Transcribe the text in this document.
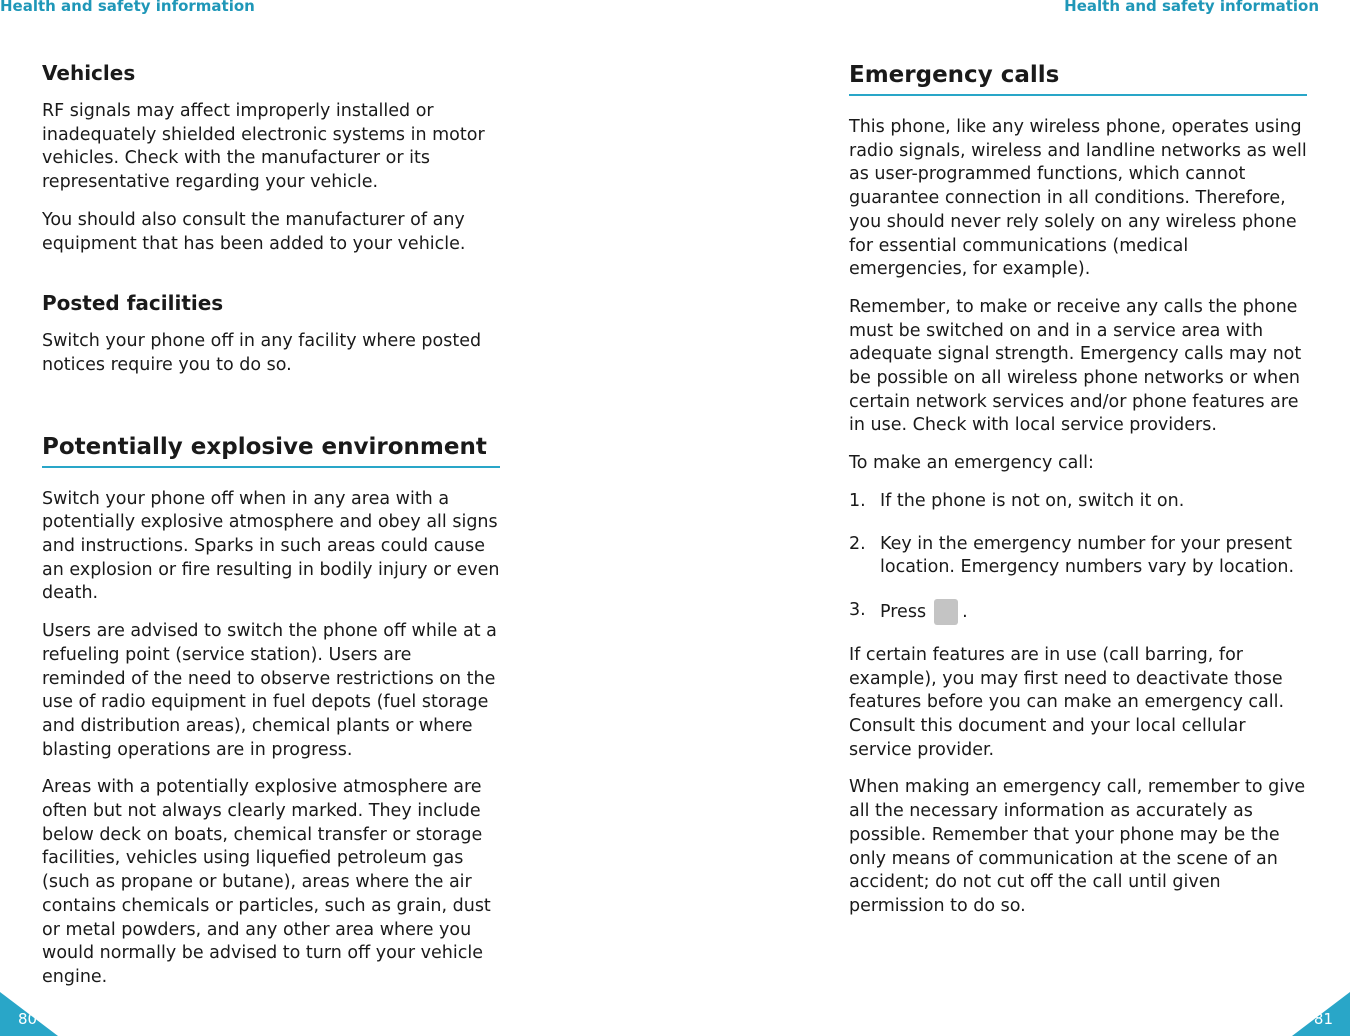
Health and safety information
Vehicles

RF signals may affect improperly installed or inadequately shielded electronic systems in motor vehicles. Check with the manufacturer or its representative regarding your vehicle.

You should also consult the manufacturer of any equipment that has been added to your vehicle.

Posted facilities

Switch your phone off in any facility where posted notices require you to do so.

Potentially explosive environment

Switch your phone off when in any area with a potentially explosive atmosphere and obey all signs and instructions. Sparks in such areas could cause an explosion or fire resulting in bodily injury or even death.

Users are advised to switch the phone off while at a refueling point (service station). Users are reminded of the need to observe restrictions on the use of radio equipment in fuel depots (fuel storage and distribution areas), chemical plants or where blasting operations are in progress.

Areas with a potentially explosive atmosphere are often but not always clearly marked. They include below deck on boats, chemical transfer or storage facilities, vehicles using liquefied petroleum gas (such as propane or butane), areas where the air contains chemicals or particles, such as grain, dust or metal powders, and any other area where you would normally be advised to turn off your vehicle engine.

80
Health and safety information
Emergency calls

This phone, like any wireless phone, operates using radio signals, wireless and landline networks as well as user-programmed functions, which cannot guarantee connection in all conditions. Therefore, you should never rely solely on any wireless phone for essential communications (medical emergencies, for example).

Remember, to make or receive any calls the phone must be switched on and in a service area with adequate signal strength. Emergency calls may not be possible on all wireless phone networks or when certain network services and/or phone features are in use. Check with local service providers.

To make an emergency call:

1. If the phone is not on, switch it on.
2. Key in the emergency number for your present location. Emergency numbers vary by location.
3. Press .

If certain features are in use (call barring, for example), you may first need to deactivate those features before you can make an emergency call. Consult this document and your local cellular service provider.

When making an emergency call, remember to give all the necessary information as accurately as possible. Remember that your phone may be the only means of communication at the scene of an accident; do not cut off the call until given permission to do so.

81
